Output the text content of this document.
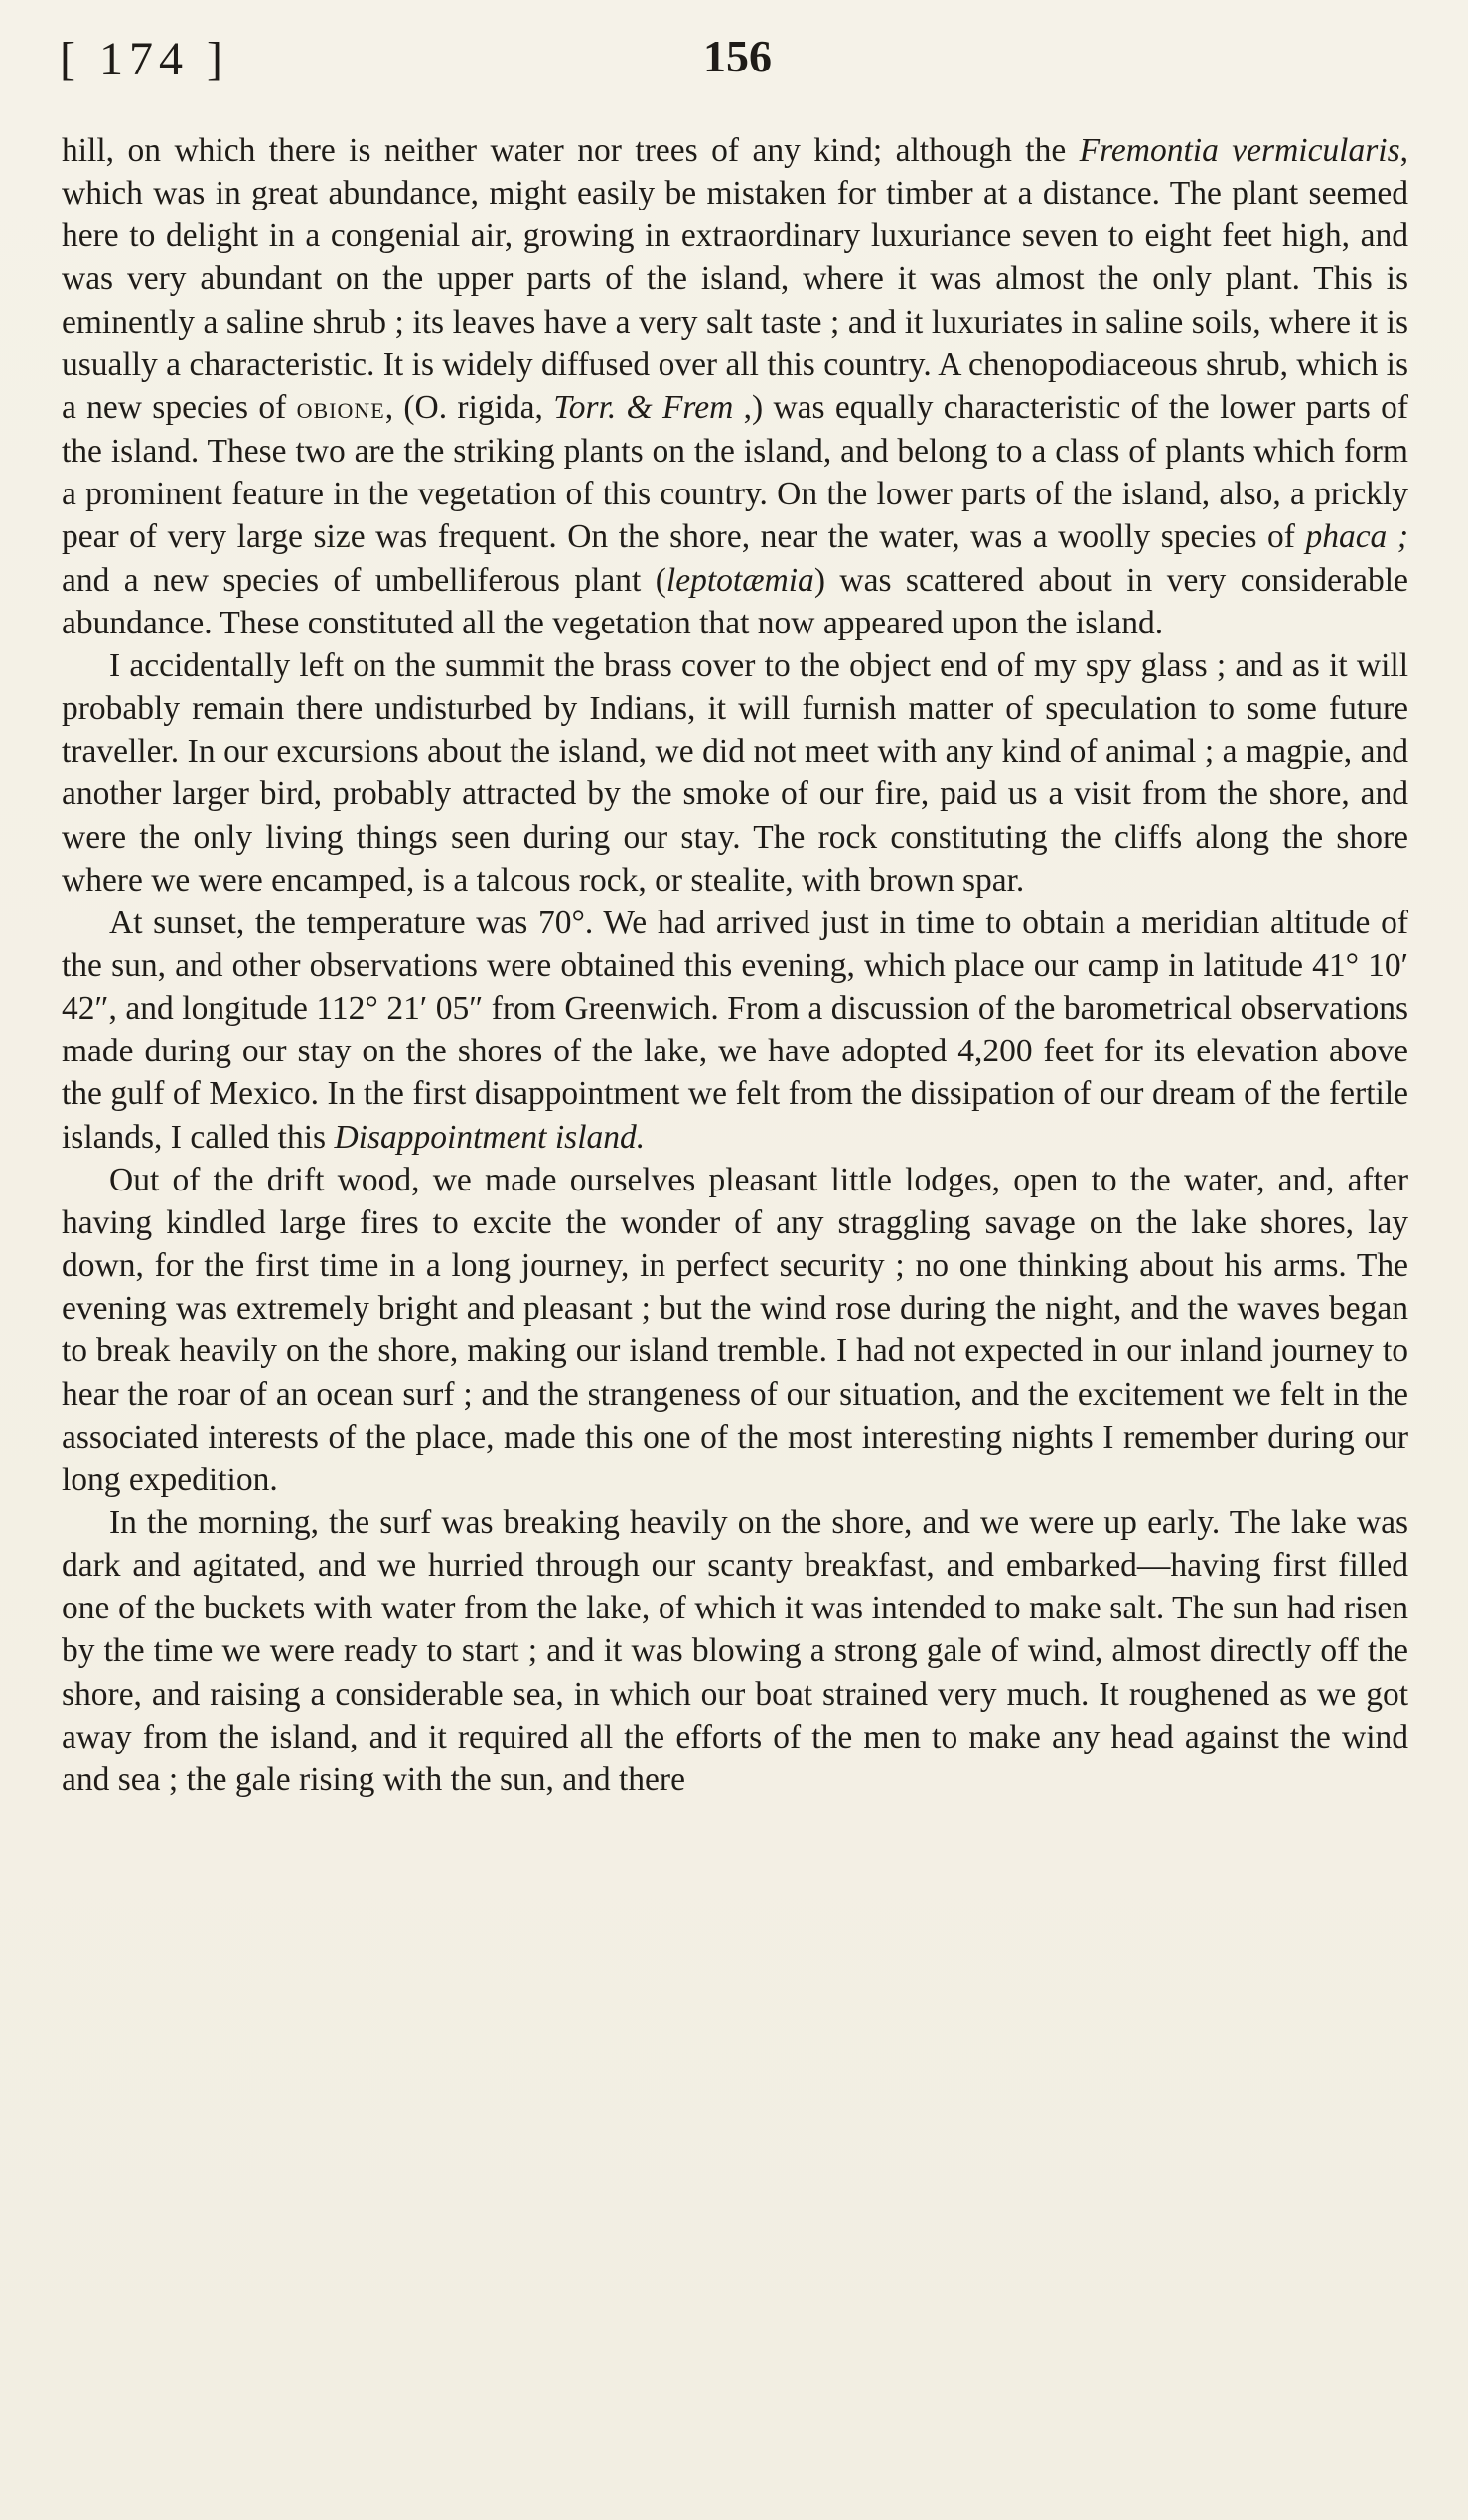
[ 174 ]	156

hill, on which there is neither water nor trees of any kind; although the Fremontia vermicularis, which was in great abundance, might easily be mistaken for timber at a distance. The plant seemed here to delight in a congenial air, growing in extraordinary luxuriance seven to eight feet high, and was very abundant on the upper parts of the island, where it was almost the only plant. This is eminently a saline shrub ; its leaves have a very salt taste ; and it luxuriates in saline soils, where it is usually a characteristic. It is widely diffused over all this country. A chenopodiaceous shrub, which is a new species of obione, (O. rigida, Torr. & Frem ,) was equally characteristic of the lower parts of the island. These two are the striking plants on the island, and belong to a class of plants which form a prominent feature in the vegetation of this country. On the lower parts of the island, also, a prickly pear of very large size was frequent. On the shore, near the water, was a woolly species of phaca ; and a new species of umbelliferous plant (leptotæmia) was scattered about in very considerable abundance. These constituted all the vegetation that now appeared upon the island.

I accidentally left on the summit the brass cover to the object end of my spy glass ; and as it will probably remain there undisturbed by Indians, it will furnish matter of speculation to some future traveller. In our excursions about the island, we did not meet with any kind of animal ; a magpie, and another larger bird, probably attracted by the smoke of our fire, paid us a visit from the shore, and were the only living things seen during our stay. The rock constituting the cliffs along the shore where we were encamped, is a talcous rock, or stealite, with brown spar.

At sunset, the temperature was 70°. We had arrived just in time to obtain a meridian altitude of the sun, and other observations were obtained this evening, which place our camp in latitude 41° 10′ 42″, and longitude 112° 21′ 05″ from Greenwich. From a discussion of the barometrical observations made during our stay on the shores of the lake, we have adopted 4,200 feet for its elevation above the gulf of Mexico. In the first disappointment we felt from the dissipation of our dream of the fertile islands, I called this Disappointment island.

Out of the drift wood, we made ourselves pleasant little lodges, open to the water, and, after having kindled large fires to excite the wonder of any straggling savage on the lake shores, lay down, for the first time in a long journey, in perfect security ; no one thinking about his arms. The evening was extremely bright and pleasant ; but the wind rose during the night, and the waves began to break heavily on the shore, making our island tremble. I had not expected in our inland journey to hear the roar of an ocean surf ; and the strangeness of our situation, and the excitement we felt in the associated interests of the place, made this one of the most interesting nights I remember during our long expedition.

In the morning, the surf was breaking heavily on the shore, and we were up early. The lake was dark and agitated, and we hurried through our scanty breakfast, and embarked—having first filled one of the buckets with water from the lake, of which it was intended to make salt. The sun had risen by the time we were ready to start ; and it was blowing a strong gale of wind, almost directly off the shore, and raising a considerable sea, in which our boat strained very much. It roughened as we got away from the island, and it required all the efforts of the men to make any head against the wind and sea ; the gale rising with the sun, and there
